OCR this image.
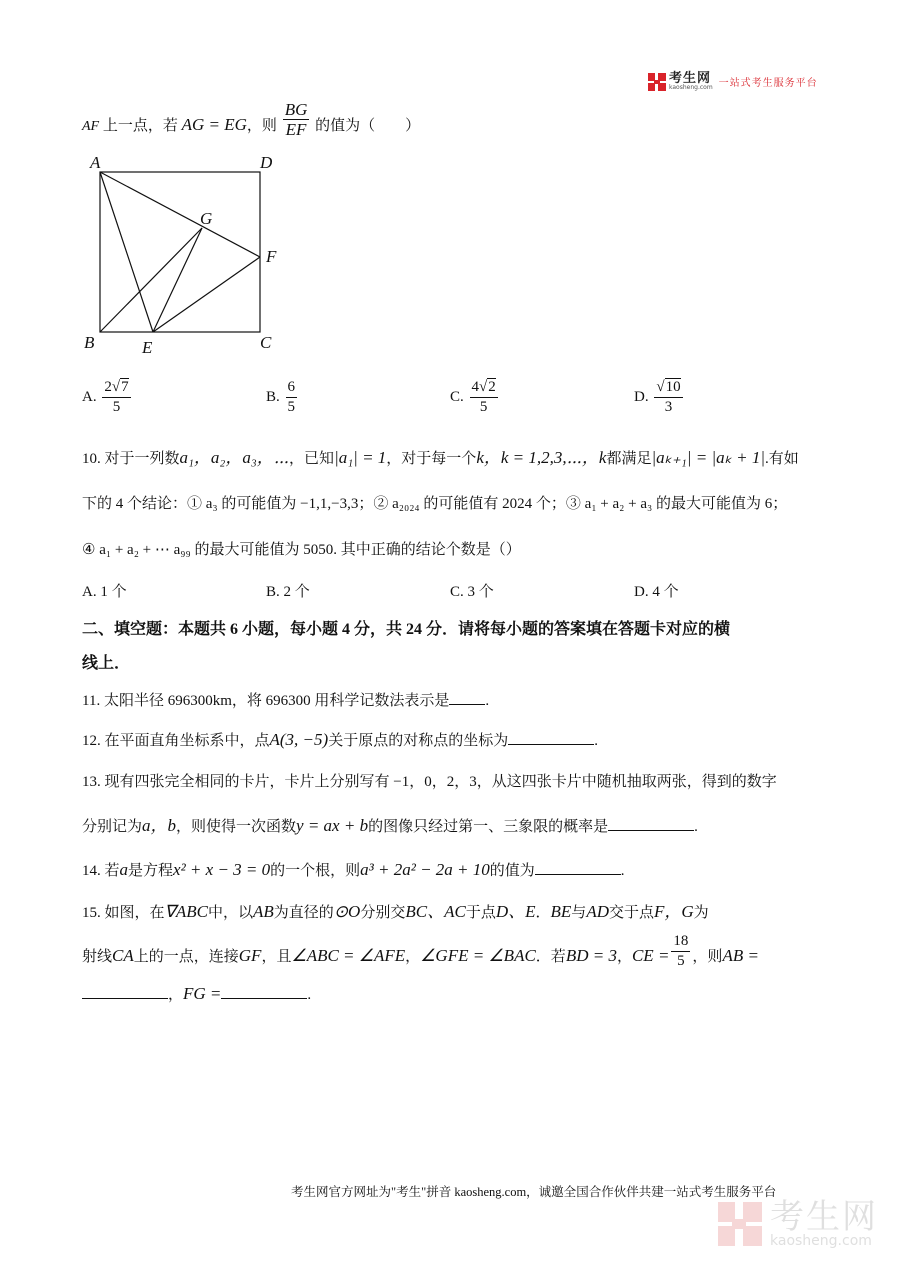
考生网
kaosheng.com 一站式考生服务平台
AF 上一点，若 AG = EG，则 $\frac{BG}{EF}$ 的值为（　　）
A	D
G
F
B	E	C
A. $\frac{2√7}{5}$	B. $\frac{6}{5}$	C. $\frac{4√2}{5}$	D. $\frac{√10}{3}$
10. 对于一列数a₁，a₂，a₃，⋯，已知|a₁| = 1，对于每一个k，k = 1,2,3,⋯，k都满足|aₖ₊₁| = |aₖ + 1|.有如
下的 4 个结论：① a₃ 的可能值为 −1,1,−3,3；② a₂₀₂₄ 的可能值有 2024 个；③ a₁ + a₂ + a₃ 的最大可能值为 6；
④ a₁ + a₂ + ⋯ a₉₉ 的最大可能值为 5050. 其中正确的结论个数是（）
A. 1 个	B. 2 个	C. 3 个	D. 4 个
二、填空题：本题共 6 小题，每小题 4 分，共 24 分．请将每小题的答案填在答题卡对应的横
线上．
11. 太阳半径 696300km，将 696300 用科学记数法表示是 .
12. 在平面直角坐标系中，点A(3, −5)关于原点的对称点的坐标为	.
13. 现有四张完全相同的卡片，卡片上分别写有 −1，0，2，3，从这四张卡片中随机抽取两张，得到的数字
分别记为a，b，则使得一次函数y = ax + b的图像只经过第一、三象限的概率是	.
14. 若a是方程x² + x − 3 = 0的一个根，则a³ + 2a² − 2a + 10的值为	.
15. 如图，在∇ABC中，以AB为直径的⊙O分别交BC、AC于点D、E．BE与AD交于点F，G为
射线CA上的一点，连接GF，且∠ABC = ∠AFE，∠GFE = ∠BAC．若BD = 3，CE = $\frac{18}{5}$ ，则AB =
，FG =	.
考生网官方网址为"考生"拼音 kaosheng.com，诚邀全国合作伙伴共建一站式考生服务平台
考生网
kaosheng.com
